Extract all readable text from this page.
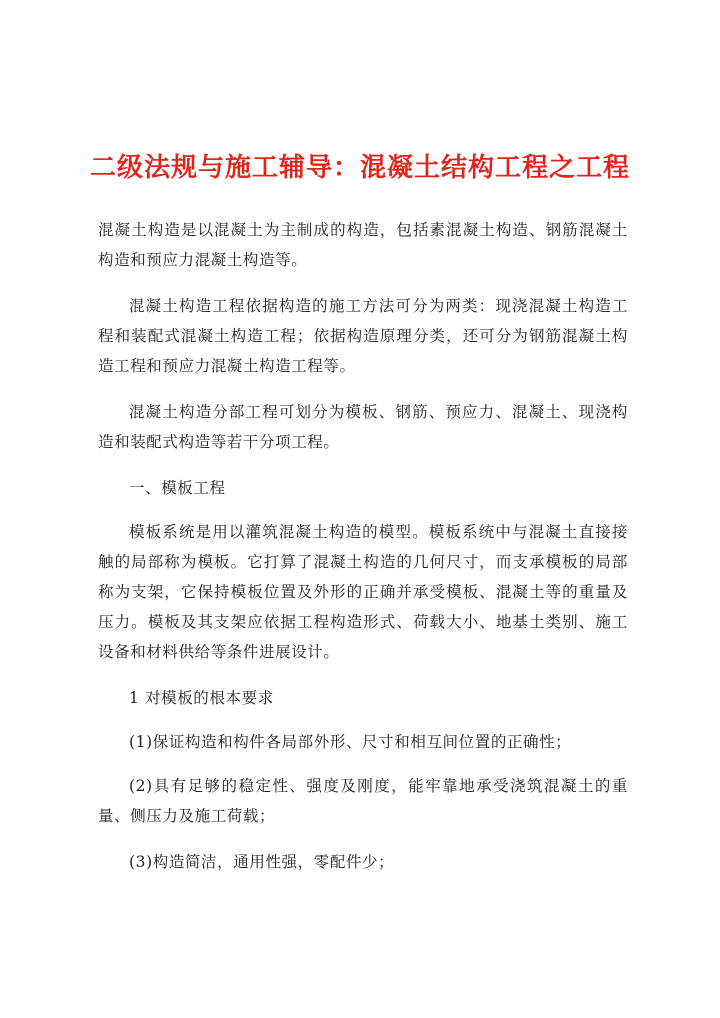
二级法规与施工辅导：混凝土结构工程之工程

混凝土构造是以混凝土为主制成的构造，包括素混凝土构造、钢筋混凝土构造和预应力混凝土构造等。

混凝土构造工程依据构造的施工方法可分为两类：现浇混凝土构造工程和装配式混凝土构造工程；依据构造原理分类，还可分为钢筋混凝土构造工程和预应力混凝土构造工程等。

混凝土构造分部工程可划分为模板、钢筋、预应力、混凝土、现浇构造和装配式构造等若干分项工程。

一、模板工程

模板系统是用以灌筑混凝土构造的模型。模板系统中与混凝土直接接触的局部称为模板。它打算了混凝土构造的几何尺寸，而支承模板的局部称为支架，它保持模板位置及外形的正确并承受模板、混凝土等的重量及压力。模板及其支架应依据工程构造形式、荷载大小、地基土类别、施工设备和材料供给等条件进展设计。

1 对模板的根本要求

(1)保证构造和构件各局部外形、尺寸和相互间位置的正确性；

(2)具有足够的稳定性、强度及刚度，能牢靠地承受浇筑混凝土的重量、侧压力及施工荷载；

(3)构造简洁，通用性强，零配件少；
